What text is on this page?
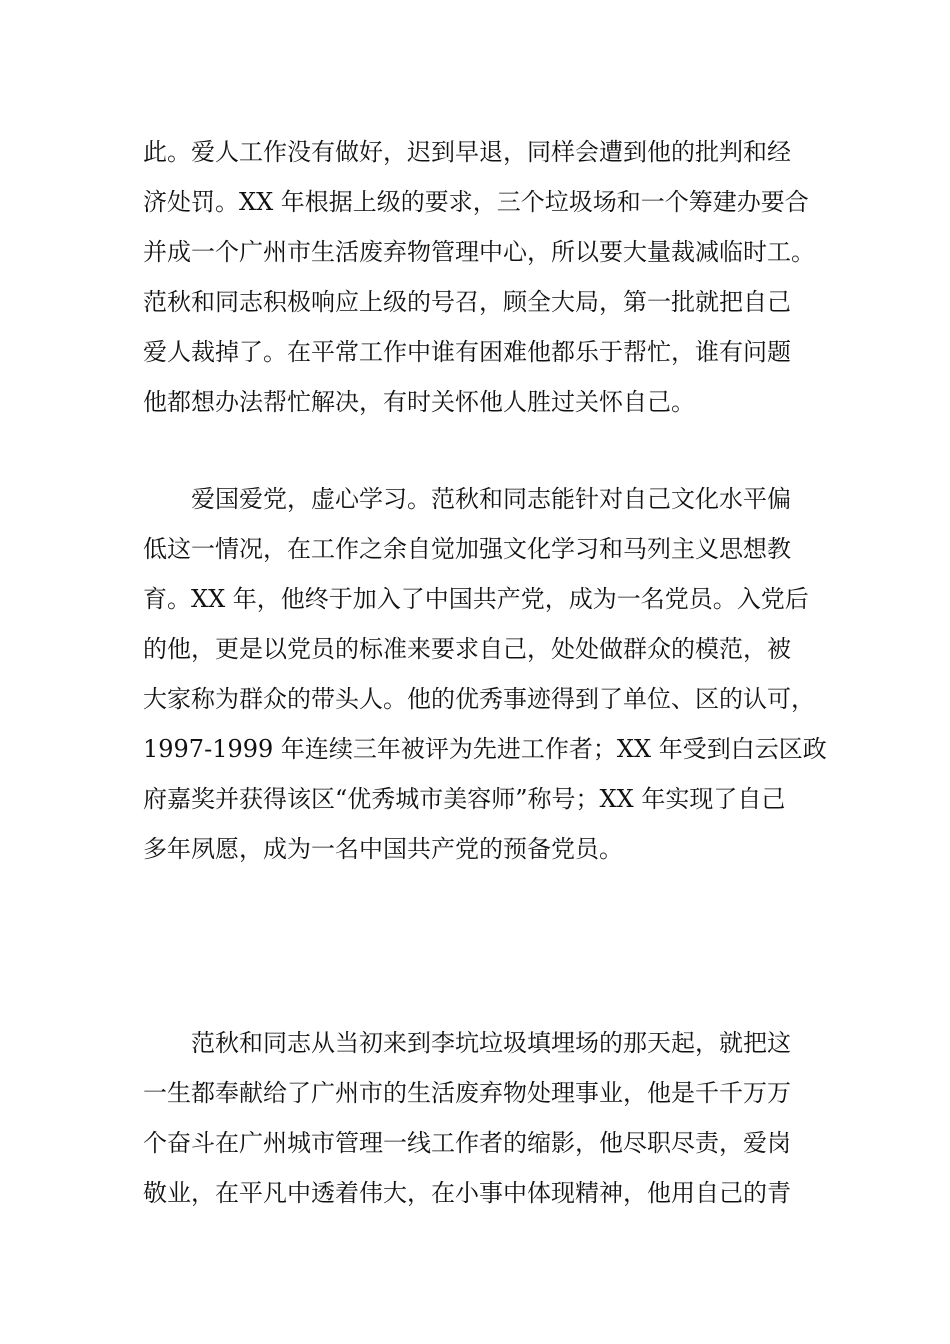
此。爱人工作没有做好，迟到早退，同样会遭到他的批判和经
济处罚。XX 年根据上级的要求，三个垃圾场和一个筹建办要合
并成一个广州市生活废弃物管理中心，所以要大量裁减临时工。
范秋和同志积极响应上级的号召，顾全大局，第一批就把自己
爱人裁掉了。在平常工作中谁有困难他都乐于帮忙，谁有问题
他都想办法帮忙解决，有时关怀他人胜过关怀自己。
爱国爱党，虚心学习。范秋和同志能针对自己文化水平偏
低这一情况，在工作之余自觉加强文化学习和马列主义思想教
育。XX 年，他终于加入了中国共产党，成为一名党员。入党后
的他，更是以党员的标准来要求自己，处处做群众的模范，被
大家称为群众的带头人。他的优秀事迹得到了单位、区的认可，
1997-1999 年连续三年被评为先进工作者；XX 年受到白云区政
府嘉奖并获得该区“优秀城市美容师”称号；XX 年实现了自己
多年夙愿，成为一名中国共产党的预备党员。
范秋和同志从当初来到李坑垃圾填埋场的那天起，就把这
一生都奉献给了广州市的生活废弃物处理事业，他是千千万万
个奋斗在广州城市管理一线工作者的缩影，他尽职尽责，爱岗
敬业，在平凡中透着伟大，在小事中体现精神，他用自己的青
